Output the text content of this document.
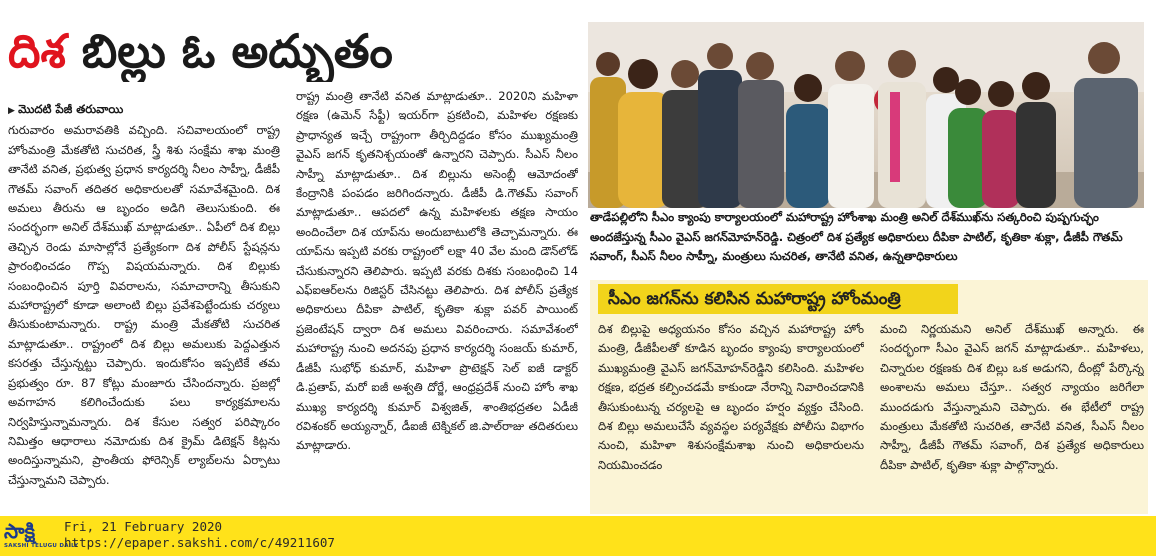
దిశ బిల్లు ఓ అద్భుతం

▶ మొదటి పేజీ తరువాయి

గురువారం అమరావతికి వచ్చింది. సచివాలయంలో రాష్ట్ర హోంమంత్రి మేకతోటి సుచరిత, స్త్రీ శిశు సంక్షేమ శాఖ మంత్రి తానేటి వనిత, ప్రభుత్వ ప్రధాన కార్యదర్శి నీలం సాహ్నీ, డీజీపీ గౌతమ్ సవాంగ్ తదితర అధికారులతో సమావేశమైంది. దిశ అమలు తీరును ఆ బృందం అడిగి తెలుసుకుంది. ఈ సందర్భంగా అనిల్ దేశ్‌ముఖ్ మాట్లాడుతూ.. ఏపీలో దిశ బిల్లు తెచ్చిన రెండు మాసాల్లోనే ప్రత్యేకంగా దిశ పోలీస్ స్టేషన్లను ప్రారంభించడం గొప్ప విషయమన్నారు. దిశ బిల్లుకు సంబంధించిన పూర్తి వివరాలను, సమాచారాన్ని తీసుకుని మహారాష్ట్రలో కూడా అలాంటి బిల్లు ప్రవేశపెట్టేందుకు చర్యలు తీసుకుంటామన్నారు. రాష్ట్ర మంత్రి మేకతోటి సుచరిత మాట్లాడుతూ.. రాష్ట్రంలో దిశ బిల్లు అమలుకు పెద్దఎత్తున కసరత్తు చేస్తున్నట్టు చెప్పారు. ఇందుకోసం ఇప్పటికే తమ ప్రభుత్వం రూ. 87 కోట్లు మంజూరు చేసిందన్నారు. ప్రజల్లో అవగాహన కలిగించేందుకు పలు కార్యక్రమాలను నిర్వహిస్తున్నామన్నారు. దిశ కేసుల సత్వర పరిష్కారం నిమిత్తం ఆధారాలు నమోదుకు దిశ క్రైమ్ డిటెక్షన్ కిట్లను అందిస్తున్నామని, ప్రాంతీయ ఫోరెన్సిక్ ల్యాబ్‌లను ఏర్పాటు చేస్తున్నామని చెప్పారు.

రాష్ట్ర మంత్రి తానేటి వనిత మాట్లాడుతూ.. 2020ని మహిళా రక్షణ (ఉమెన్ సేఫ్టీ) ఇయర్‌గా ప్రకటించి, మహిళల రక్షణకు ప్రాధాన్యత ఇచ్చే రాష్ట్రంగా తీర్చిదిద్దడం కోసం ముఖ్యమంత్రి వైఎస్ జగన్ కృతనిశ్చయంతో ఉన్నారని చెప్పారు. సీఎస్ నీలం సాహ్నీ మాట్లాడుతూ.. దిశ బిల్లును అసెంబ్లీ ఆమోదంతో కేంద్రానికి పంపడం జరిగిందన్నారు. డీజీపీ డి.గౌతమ్ సవాంగ్ మాట్లాడుతూ.. ఆపదలో ఉన్న మహిళలకు తక్షణ సాయం అందించేలా దిశ యాప్‌ను అందుబాటులోకి తెచ్చామన్నారు. ఈ యాప్‌ను ఇప్పటి వరకు రాష్ట్రంలో లక్షా 40 వేల మంది డౌన్‌లోడ్ చేసుకున్నారని తెలిపారు. ఇప్పటి వరకు దిశకు సంబంధించి 14 ఎఫ్ఐఆర్‌లను రిజిస్టర్ చేసినట్టు తెలిపారు. దిశ పోలీస్ ప్రత్యేక అధికారులు దీపికా పాటిల్, కృతికా శుక్లా పవర్ పాయింట్ ప్రజెంటేషన్ ద్వారా దిశ అమలు వివరించారు. సమావేశంలో మహారాష్ట్ర నుంచి అదనపు ప్రధాన కార్యదర్శి సంజయ్ కుమార్, డీజీపీ సుభోధ్ కుమార్, మహిళా ప్రొటెక్షన్ సెల్ ఐజీ డాక్టర్ డి.ప్రతాప్, మరో ఐజీ అశ్వతి దోర్జే, ఆంధ్రప్రదేశ్ నుంచి హోం శాఖ ముఖ్య కార్యదర్శి కుమార్ విశ్వజిత్, శాంతిభద్రతల ఏడీజీ రవిశంకర్ అయ్యన్నార్, డీఐజీ టెక్నికల్ జి.పాల్‌రాజు తదితరులు మాట్లాడారు.

తాడేపల్లిలోని సీఎం క్యాంపు కార్యాలయంలో మహారాష్ట్ర హోంశాఖ మంత్రి అనిల్ దేశ్‌ముఖ్‌ను సత్కరించి పుష్పగుచ్ఛం అందజేస్తున్న సీఎం వైఎస్ జగన్‌మోహన్‌రెడ్డి. చిత్రంలో దిశ ప్రత్యేక అధికారులు దీపికా పాటిల్, కృతికా శుక్లా, డీజీపీ గౌతమ్ సవాంగ్, సీఎస్ నీలం సాహ్నీ, మంత్రులు సుచరిత, తానేటి వనిత, ఉన్నతాధికారులు
సీఎం జగన్‌ను కలిసిన మహారాష్ట్ర హోంమంత్రి

దిశ బిల్లుపై అధ్యయనం కోసం వచ్చిన మహారాష్ట్ర హోం మంత్రి, డీజీపీలతో కూడిన బృందం క్యాంపు కార్యాలయంలో ముఖ్యమంత్రి వైఎస్ జగన్‌మోహన్‌రెడ్డిని కలిసింది. మహిళల రక్షణ, భద్రత కల్పించడమే కాకుండా నేరాన్ని నివారించడానికి తీసుకుంటున్న చర్యలపై ఆ బృందం హర్షం వ్యక్తం చేసింది. దిశ బిల్లు అమలుచేసే వ్యవస్థల పర్యవేక్షకు పోలీసు విభాగం నుంచి, మహిళా శిశుసంక్షేమశాఖ నుంచి అధికారులను నియమించడం

మంచి నిర్ణయమని అనిల్ దేశ్‌ముఖ్ అన్నారు. ఈ సందర్భంగా సీఎం వైఎస్ జగన్ మాట్లాడుతూ.. మహిళలు, చిన్నారుల రక్షణకు దిశ బిల్లు ఒక అడుగని, దీంట్లో పేర్కొన్న అంశాలను అమలు చేస్తూ.. సత్వర న్యాయం జరిగేలా ముందడుగు వేస్తున్నామని చెప్పారు. ఈ భేటీలో రాష్ట్ర మంత్రులు మేకతోటి సుచరిత, తానేటి వనిత, సీఎస్ నీలం సాహ్నీ, డీజీపీ గౌతమ్ సవాంగ్, దిశ ప్రత్యేక అధికారులు దీపికా పాటిల్, కృతికా శుక్లా పాల్గొన్నారు.

సాక్షి
SAKSHI TELUGU DAILY
Fri, 21 February 2020
https://epaper.sakshi.com/c/49211607
